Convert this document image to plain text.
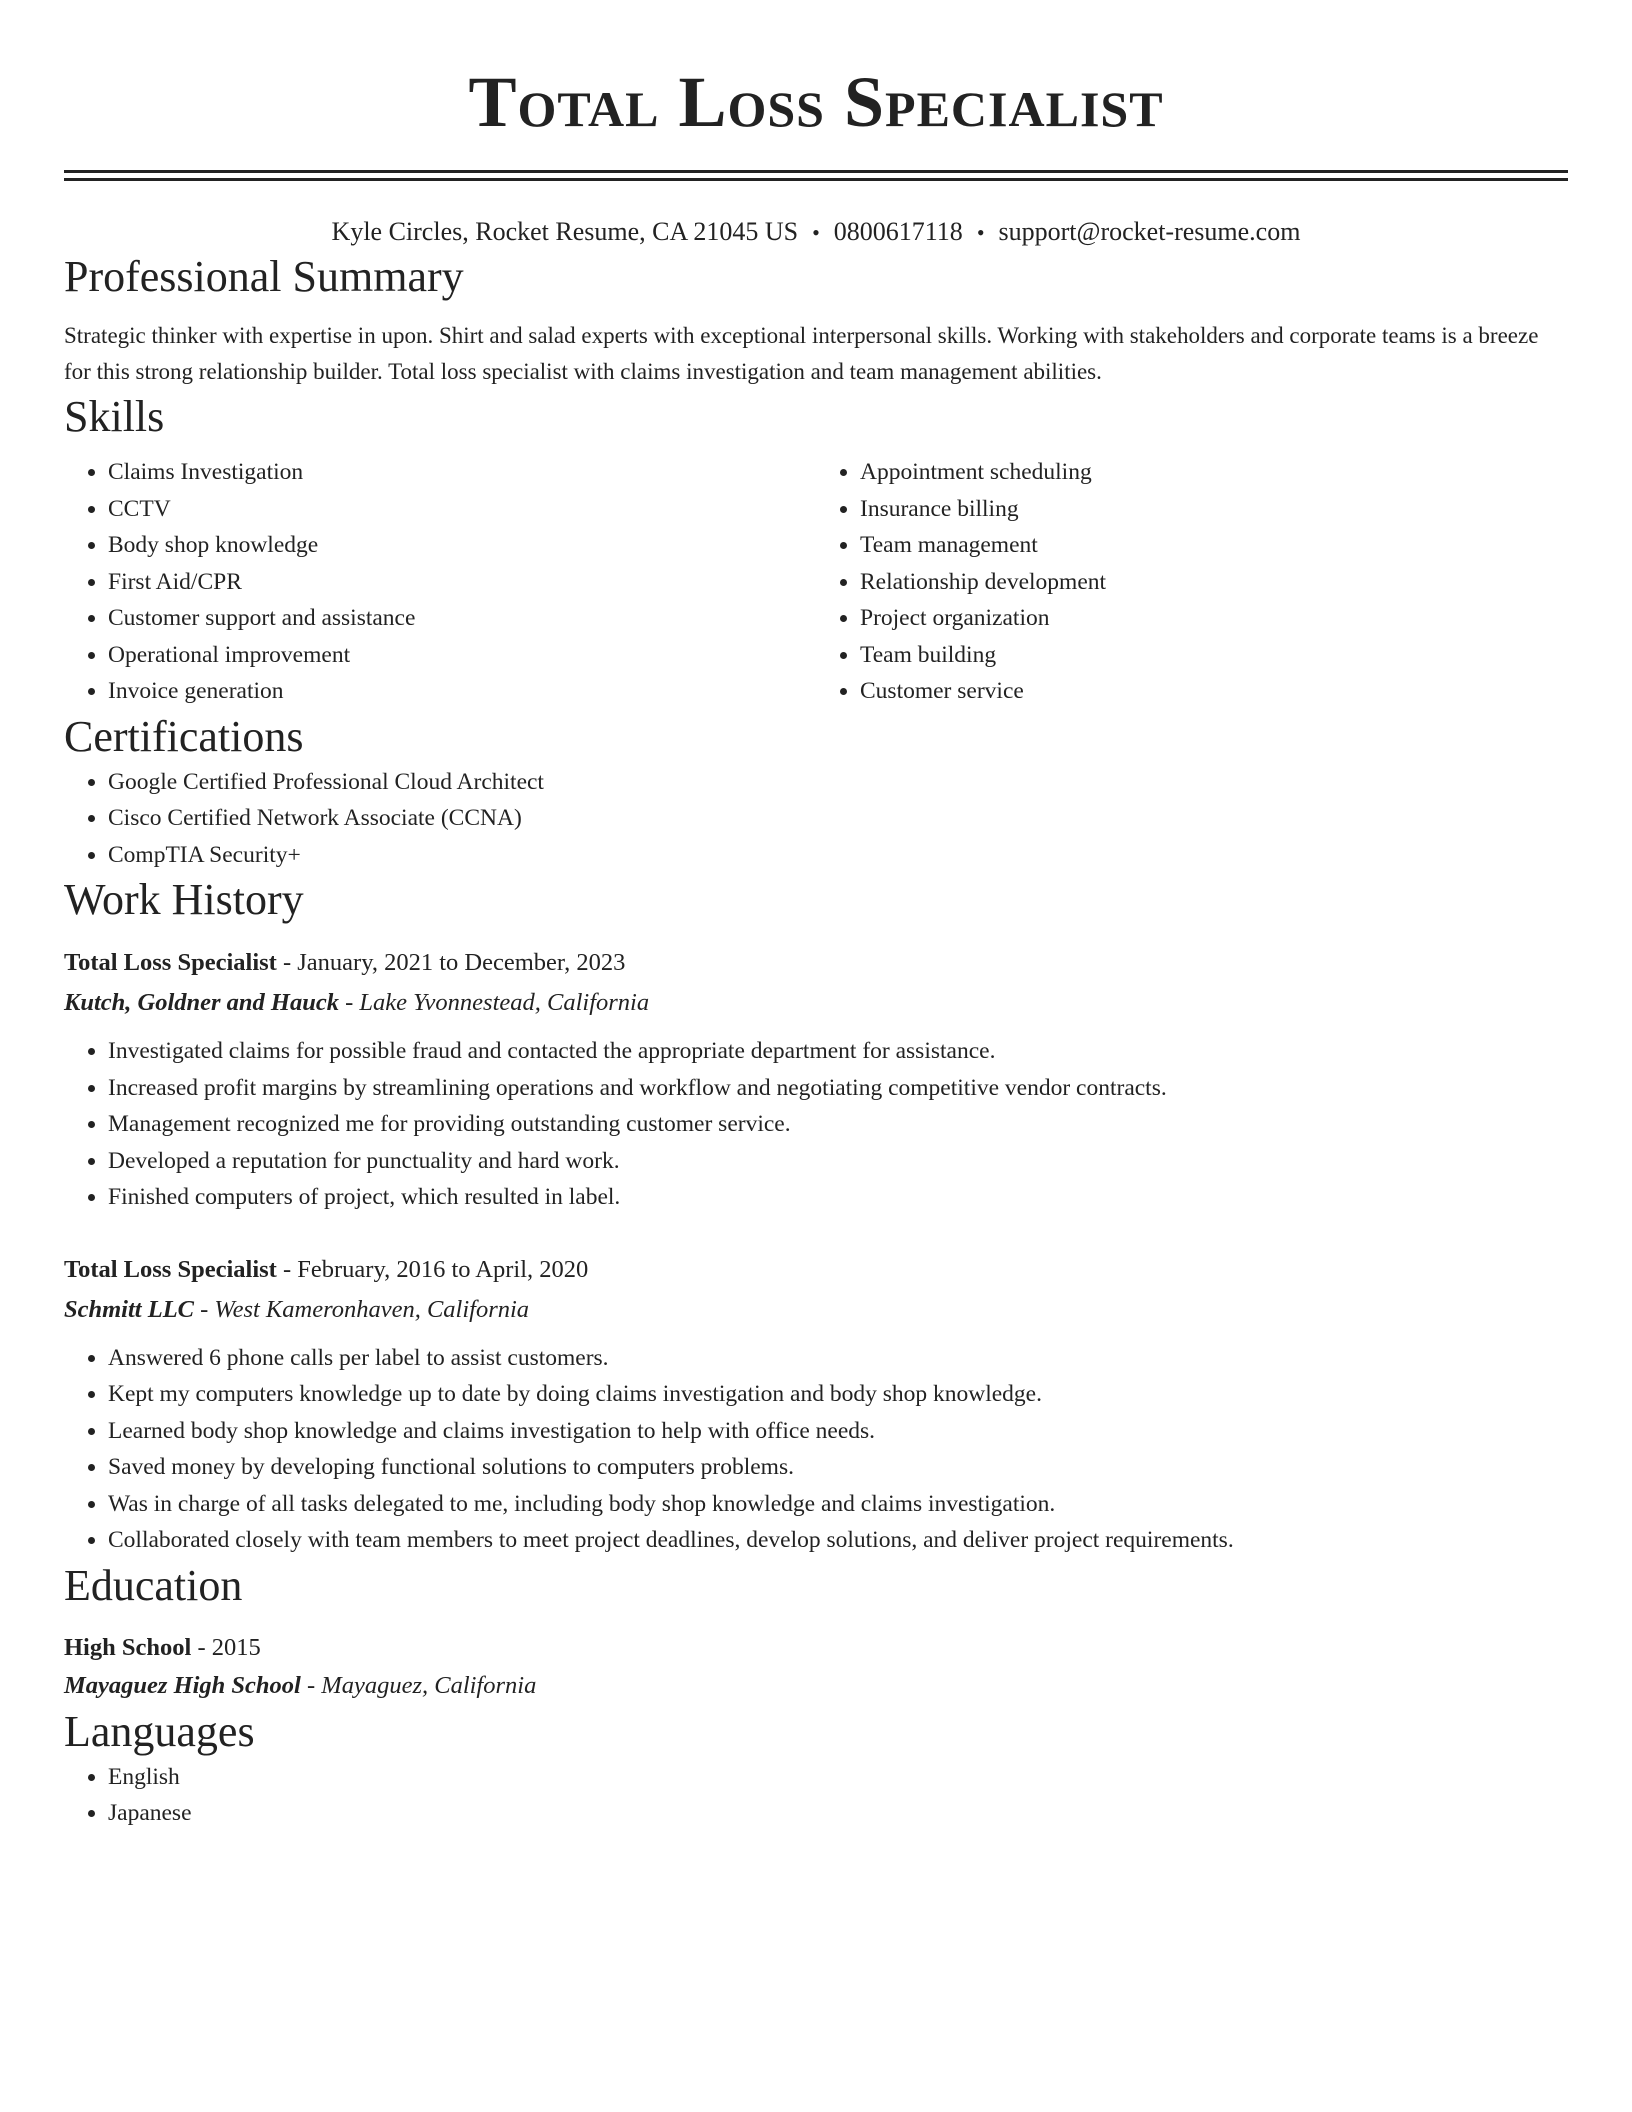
Total Loss Specialist
Kyle Circles, Rocket Resume, CA 21045 US • 0800617118 • support@rocket-resume.com
Professional Summary
Strategic thinker with expertise in upon. Shirt and salad experts with exceptional interpersonal skills. Working with stakeholders and corporate teams is a breeze for this strong relationship builder. Total loss specialist with claims investigation and team management abilities.
Skills
• Claims Investigation
• CCTV
• Body shop knowledge
• First Aid/CPR
• Customer support and assistance
• Operational improvement
• Invoice generation
• Appointment scheduling
• Insurance billing
• Team management
• Relationship development
• Project organization
• Team building
• Customer service
Certifications
• Google Certified Professional Cloud Architect
• Cisco Certified Network Associate (CCNA)
• CompTIA Security+
Work History
Total Loss Specialist - January, 2021 to December, 2023
Kutch, Goldner and Hauck - Lake Yvonnestead, California
• Investigated claims for possible fraud and contacted the appropriate department for assistance.
• Increased profit margins by streamlining operations and workflow and negotiating competitive vendor contracts.
• Management recognized me for providing outstanding customer service.
• Developed a reputation for punctuality and hard work.
• Finished computers of project, which resulted in label.
Total Loss Specialist - February, 2016 to April, 2020
Schmitt LLC - West Kameronhaven, California
• Answered 6 phone calls per label to assist customers.
• Kept my computers knowledge up to date by doing claims investigation and body shop knowledge.
• Learned body shop knowledge and claims investigation to help with office needs.
• Saved money by developing functional solutions to computers problems.
• Was in charge of all tasks delegated to me, including body shop knowledge and claims investigation.
• Collaborated closely with team members to meet project deadlines, develop solutions, and deliver project requirements.
Education
High School - 2015
Mayaguez High School - Mayaguez, California
Languages
• English
• Japanese
